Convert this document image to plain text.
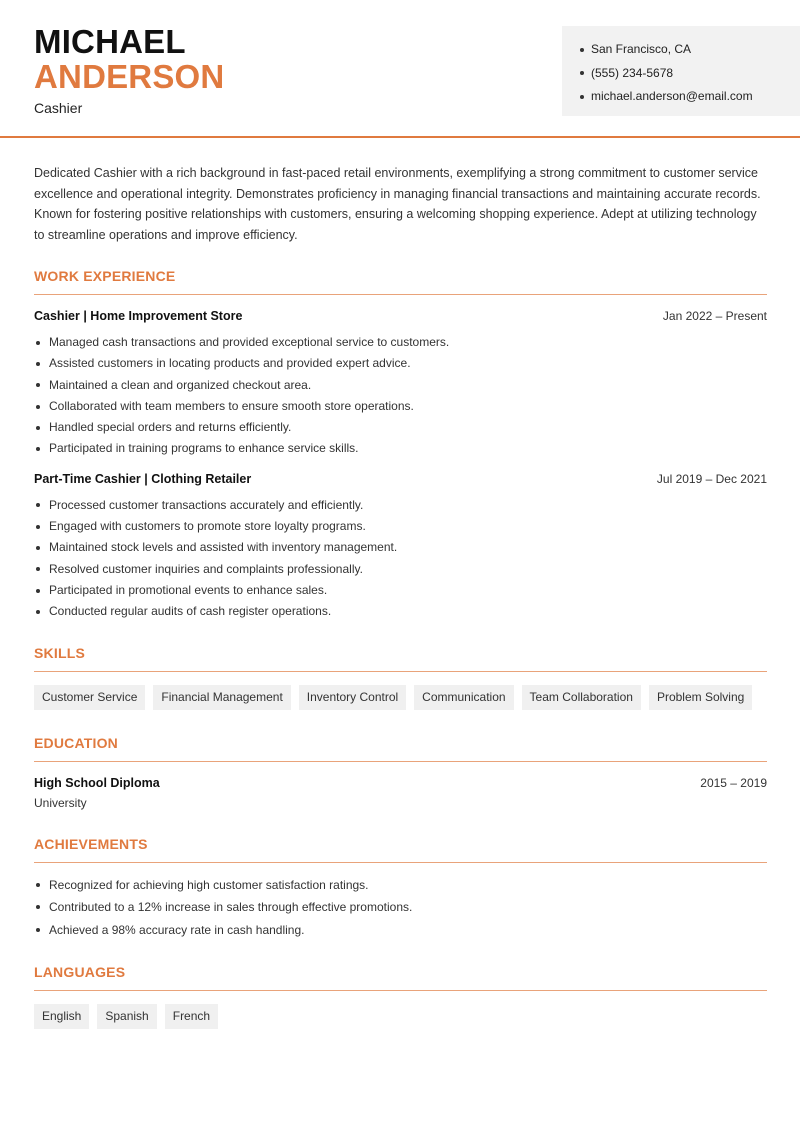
MICHAEL
ANDERSON
Cashier
San Francisco, CA
(555) 234-5678
michael.anderson@email.com

Dedicated Cashier with a rich background in fast-paced retail environments, exemplifying a strong commitment to customer service excellence and operational integrity. Demonstrates proficiency in managing financial transactions and maintaining accurate records. Known for fostering positive relationships with customers, ensuring a welcoming shopping experience. Adept at utilizing technology to streamline operations and improve efficiency.

WORK EXPERIENCE
Cashier | Home Improvement Store	Jan 2022 – Present
Managed cash transactions and provided exceptional service to customers.
Assisted customers in locating products and provided expert advice.
Maintained a clean and organized checkout area.
Collaborated with team members to ensure smooth store operations.
Handled special orders and returns efficiently.
Participated in training programs to enhance service skills.
Part-Time Cashier | Clothing Retailer	Jul 2019 – Dec 2021
Processed customer transactions accurately and efficiently.
Engaged with customers to promote store loyalty programs.
Maintained stock levels and assisted with inventory management.
Resolved customer inquiries and complaints professionally.
Participated in promotional events to enhance sales.
Conducted regular audits of cash register operations.
SKILLS
Customer Service	Financial Management	Inventory Control	Communication	Team Collaboration	Problem Solving
EDUCATION
High School Diploma	2015 – 2019
University
ACHIEVEMENTS
Recognized for achieving high customer satisfaction ratings.
Contributed to a 12% increase in sales through effective promotions.
Achieved a 98% accuracy rate in cash handling.
LANGUAGES
English	Spanish	French
